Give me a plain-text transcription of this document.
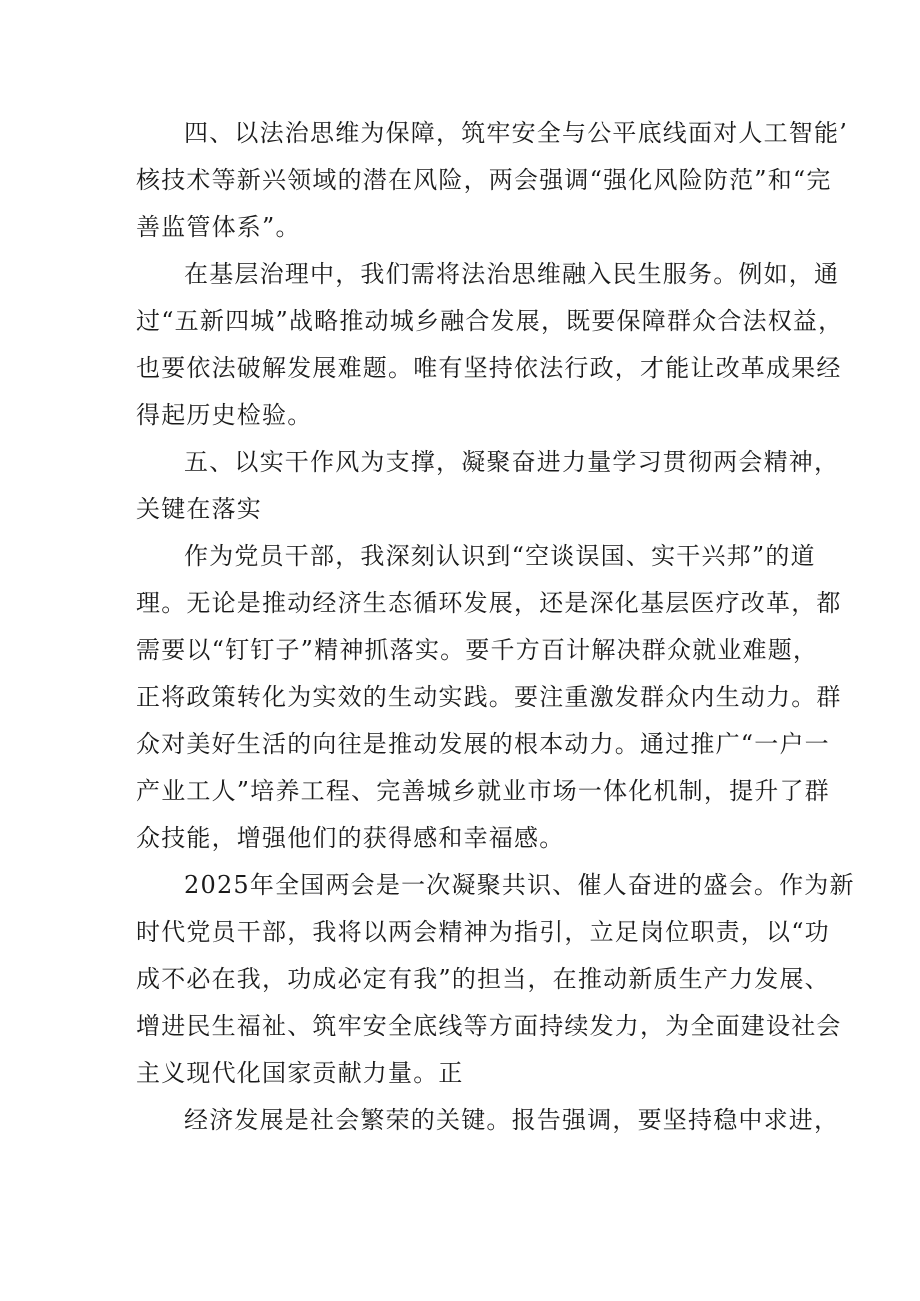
四、以法治思维为保障，筑牢安全与公平底线面对人工智能’
核技术等新兴领域的潜在风险，两会强调“强化风险防范”和“完
善监管体系”。
在基层治理中，我们需将法治思维融入民生服务。例如，通
过“五新四城”战略推动城乡融合发展，既要保障群众合法权益，
也要依法破解发展难题。唯有坚持依法行政，才能让改革成果经
得起历史检验。
五、以实干作风为支撑，凝聚奋进力量学习贯彻两会精神，
关键在落实
作为党员干部，我深刻认识到“空谈误国、实干兴邦”的道
理。无论是推动经济生态循环发展，还是深化基层医疗改革，都
需要以“钉钉子”精神抓落实。要千方百计解决群众就业难题，
正将政策转化为实效的生动实践。要注重激发群众内生动力。群
众对美好生活的向往是推动发展的根本动力。通过推广“一户一
产业工人”培养工程、完善城乡就业市场一体化机制，提升了群
众技能，增强他们的获得感和幸福感。
2025年全国两会是一次凝聚共识、催人奋进的盛会。作为新
时代党员干部，我将以两会精神为指引，立足岗位职责，以“功
成不必在我，功成必定有我”的担当，在推动新质生产力发展、
增进民生福祉、筑牢安全底线等方面持续发力，为全面建设社会
主义现代化国家贡献力量。正
经济发展是社会繁荣的关键。报告强调，要坚持稳中求进，
